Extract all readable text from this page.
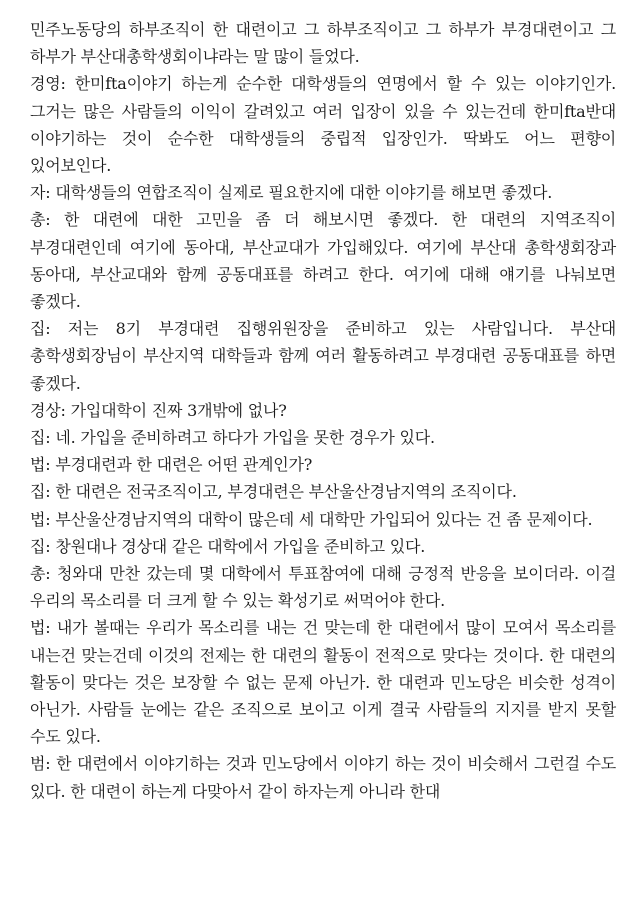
민주노동당의 하부조직이 한 대련이고 그 하부조직이고 그 하부가 부경대련이고 그 하부가 부산대총학생회이냐라는 말 많이 들었다.

경영: 한미fta이야기 하는게 순수한 대학생들의 연명에서 할 수 있는 이야기인가. 그거는 많은 사람들의 이익이 갈려있고 여러 입장이 있을 수 있는건데 한미fta반대 이야기하는 것이 순수한 대학생들의 중립적 입장인가. 딱봐도 어느 편향이 있어보인다.

자: 대학생들의 연합조직이 실제로 필요한지에 대한 이야기를 해보면 좋겠다.

총: 한 대련에 대한 고민을 좀 더 해보시면 좋겠다. 한 대련의 지역조직이 부경대련인데 여기에 동아대, 부산교대가 가입해있다. 여기에 부산대 총학생회장과 동아대, 부산교대와 함께 공동대표를 하려고 한다. 여기에 대해 얘기를 나눠보면 좋겠다.

집: 저는 8기 부경대련 집행위원장을 준비하고 있는 사람입니다. 부산대 총학생회장님이 부산지역 대학들과 함께 여러 활동하려고 부경대련 공동대표를 하면 좋겠다.

경상: 가입대학이 진짜 3개밖에 없나?

집: 네. 가입을 준비하려고 하다가 가입을 못한 경우가 있다.

법: 부경대련과 한 대련은 어떤 관계인가?

집: 한 대련은 전국조직이고, 부경대련은 부산울산경남지역의 조직이다.

법: 부산울산경남지역의 대학이 많은데 세 대학만 가입되어 있다는 건 좀 문제이다.

집: 창원대나 경상대 같은 대학에서 가입을 준비하고 있다.

총: 청와대 만찬 갔는데 몇 대학에서 투표참여에 대해 긍정적 반응을 보이더라. 이걸 우리의 목소리를 더 크게 할 수 있는 확성기로 써먹어야 한다.

법: 내가 볼때는 우리가 목소리를 내는 건 맞는데 한 대련에서 많이 모여서 목소리를 내는건 맞는건데 이것의 전제는 한 대련의 활동이 전적으로 맞다는 것이다. 한 대련의 활동이 맞다는 것은 보장할 수 없는 문제 아닌가. 한 대련과 민노당은 비슷한 성격이 아닌가. 사람들 눈에는 같은 조직으로 보이고 이게 결국 사람들의 지지를 받지 못할 수도 있다.

범: 한 대련에서 이야기하는 것과 민노당에서 이야기 하는 것이 비슷해서 그런걸 수도 있다. 한 대련이 하는게 다맞아서 같이 하자는게 아니라 한대
